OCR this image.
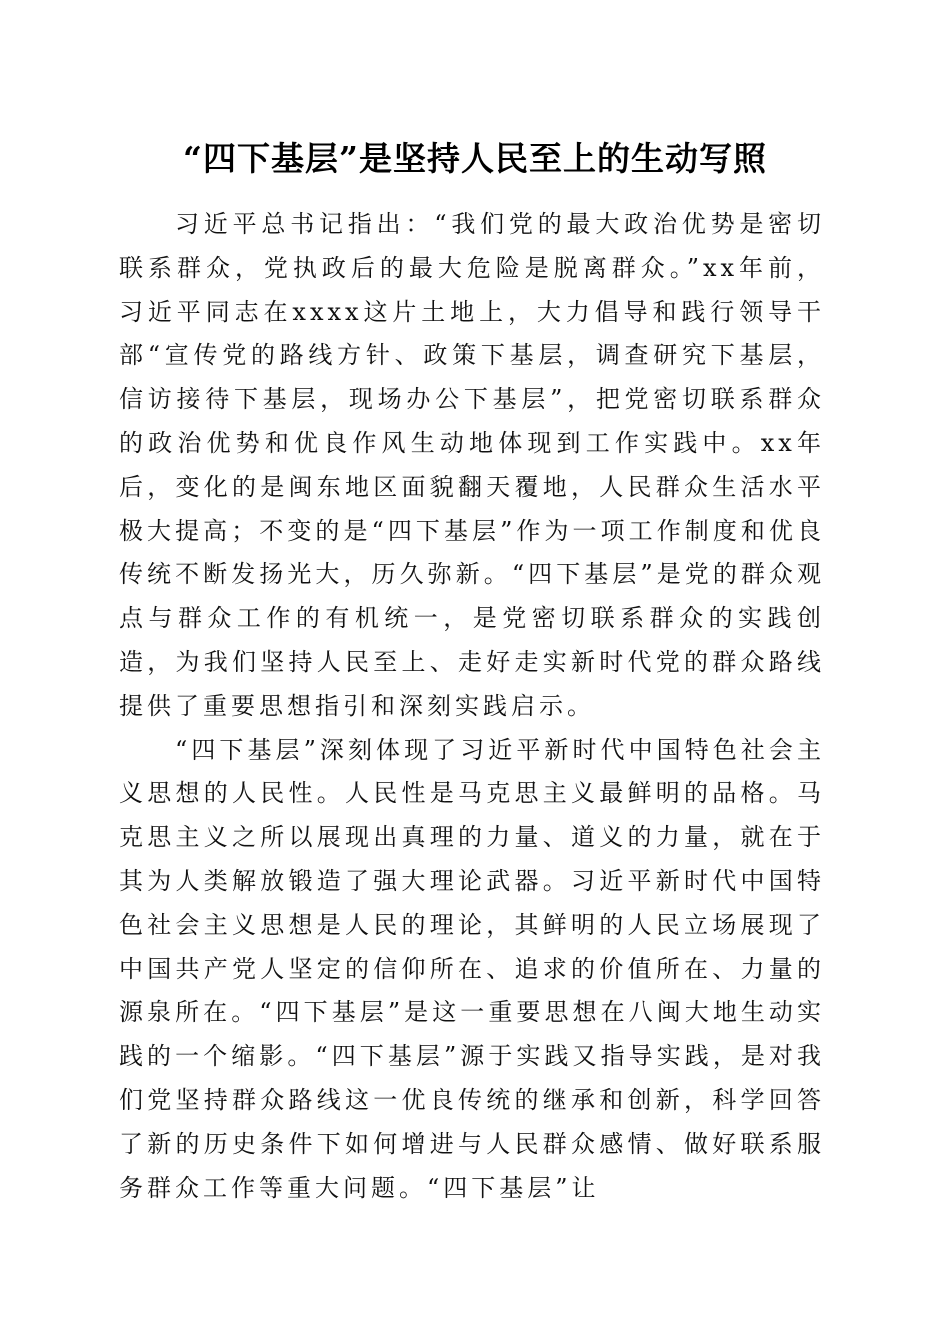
“四下基层”是坚持人民至上的生动写照

习近平总书记指出：“我们党的最大政治优势是密切联系群众，党执政后的最大危险是脱离群众。”xx年前，习近平同志在xxxx这片土地上，大力倡导和践行领导干部“宣传党的路线方针、政策下基层，调查研究下基层，信访接待下基层，现场办公下基层”，把党密切联系群众的政治优势和优良作风生动地体现到工作实践中。xx年后，变化的是闽东地区面貌翻天覆地，人民群众生活水平极大提高；不变的是“四下基层”作为一项工作制度和优良传统不断发扬光大，历久弥新。“四下基层”是党的群众观点与群众工作的有机统一，是党密切联系群众的实践创造，为我们坚持人民至上、走好走实新时代党的群众路线提供了重要思想指引和深刻实践启示。

“四下基层”深刻体现了习近平新时代中国特色社会主义思想的人民性。人民性是马克思主义最鲜明的品格。马克思主义之所以展现出真理的力量、道义的力量，就在于其为人类解放锻造了强大理论武器。习近平新时代中国特色社会主义思想是人民的理论，其鲜明的人民立场展现了中国共产党人坚定的信仰所在、追求的价值所在、力量的源泉所在。“四下基层”是这一重要思想在八闽大地生动实践的一个缩影。“四下基层”源于实践又指导实践，是对我们党坚持群众路线这一优良传统的继承和创新，科学回答了新的历史条件下如何增进与人民群众感情、做好联系服务群众工作等重大问题。“四下基层”让
